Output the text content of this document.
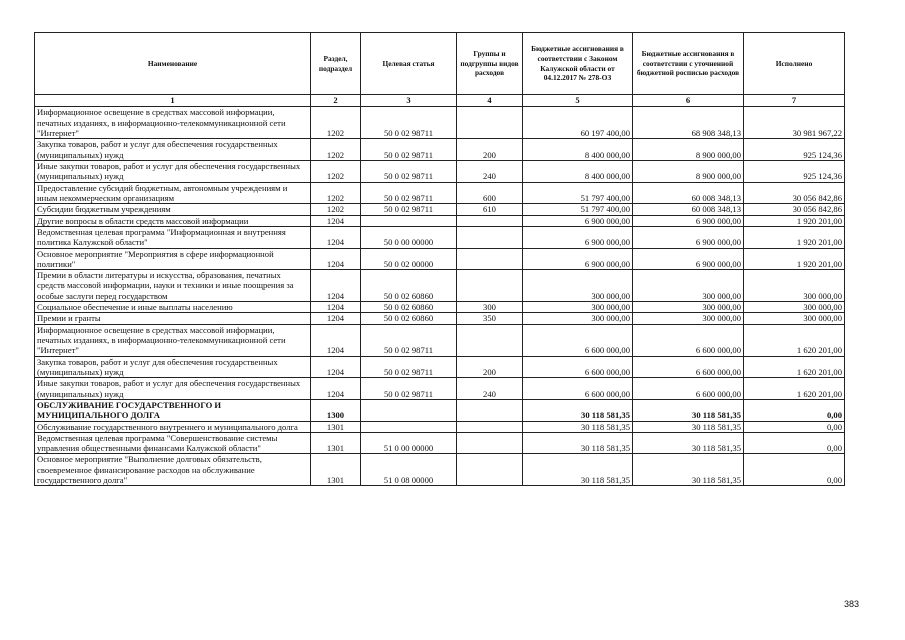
Наименование	Раздел, подраздел	Целевая статья	Группы и подгруппы видов расходов	Бюджетные ассигнования в соответствии с Законом Калужской области от 04.12.2017 № 278-ОЗ	Бюджетные ассигнования в соответствии с уточненной бюджетной росписью расходов	Исполнено
1	2	3	4	5	6	7
Информационное освещение в средствах массовой информации, печатных изданиях, в информационно-телекоммуникационной сети "Интернет"	1202	50 0 02 98711		60 197 400,00	68 908 348,13	30 981 967,22
Закупка товаров, работ и услуг для обеспечения государственных (муниципальных) нужд	1202	50 0 02 98711	200	8 400 000,00	8 900 000,00	925 124,36
Иные закупки товаров, работ и услуг для обеспечения государственных (муниципальных) нужд	1202	50 0 02 98711	240	8 400 000,00	8 900 000,00	925 124,36
Предоставление субсидий бюджетным, автономным учреждениям и иным некоммерческим организациям	1202	50 0 02 98711	600	51 797 400,00	60 008 348,13	30 056 842,86
Субсидии бюджетным учреждениям	1202	50 0 02 98711	610	51 797 400,00	60 008 348,13	30 056 842,86
Другие вопросы в области средств массовой информации	1204			6 900 000,00	6 900 000,00	1 920 201,00
Ведомственная целевая программа "Информационная и внутренняя политика Калужской области"	1204	50 0 00 00000		6 900 000,00	6 900 000,00	1 920 201,00
Основное мероприятие "Мероприятия в сфере информационной политики"	1204	50 0 02 00000		6 900 000,00	6 900 000,00	1 920 201,00
Премии в области литературы и искусства, образования, печатных средств массовой информации, науки и техники и иные поощрения за особые заслуги перед государством	1204	50 0 02 60860		300 000,00	300 000,00	300 000,00
Социальное обеспечение и иные выплаты населению	1204	50 0 02 60860	300	300 000,00	300 000,00	300 000,00
Премии и гранты	1204	50 0 02 60860	350	300 000,00	300 000,00	300 000,00
Информационное освещение в средствах массовой информации, печатных изданиях, в информационно-телекоммуникационной сети "Интернет"	1204	50 0 02 98711		6 600 000,00	6 600 000,00	1 620 201,00
Закупка товаров, работ и услуг для обеспечения государственных (муниципальных) нужд	1204	50 0 02 98711	200	6 600 000,00	6 600 000,00	1 620 201,00
Иные закупки товаров, работ и услуг для обеспечения государственных (муниципальных) нужд	1204	50 0 02 98711	240	6 600 000,00	6 600 000,00	1 620 201,00
ОБСЛУЖИВАНИЕ ГОСУДАРСТВЕННОГО И МУНИЦИПАЛЬНОГО ДОЛГА	1300			30 118 581,35	30 118 581,35	0,00
Обслуживание государственного внутреннего и муниципального долга	1301			30 118 581,35	30 118 581,35	0,00
Ведомственная целевая программа "Совершенствование системы управления общественными финансами Калужской области"	1301	51 0 00 00000		30 118 581,35	30 118 581,35	0,00
Основное мероприятие "Выполнение долговых обязательств, своевременное финансирование расходов на обслуживание государственного долга"	1301	51 0 08 00000		30 118 581,35	30 118 581,35	0,00
383
